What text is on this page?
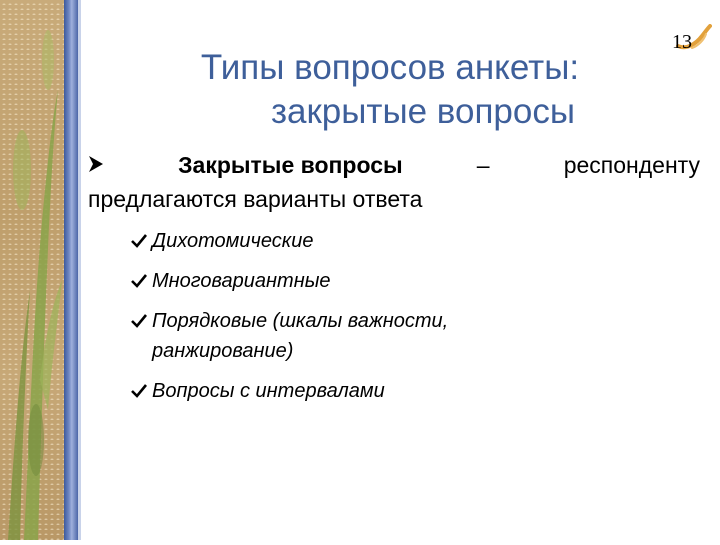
13
Типы вопросов анкеты:
закрытые вопросы
Закрытые вопросы	–	респонденту
предлагаются варианты ответа
Дихотомические
Многовариантные
Порядковые (шкалы важности,
ранжирование)
Вопросы с интервалами
